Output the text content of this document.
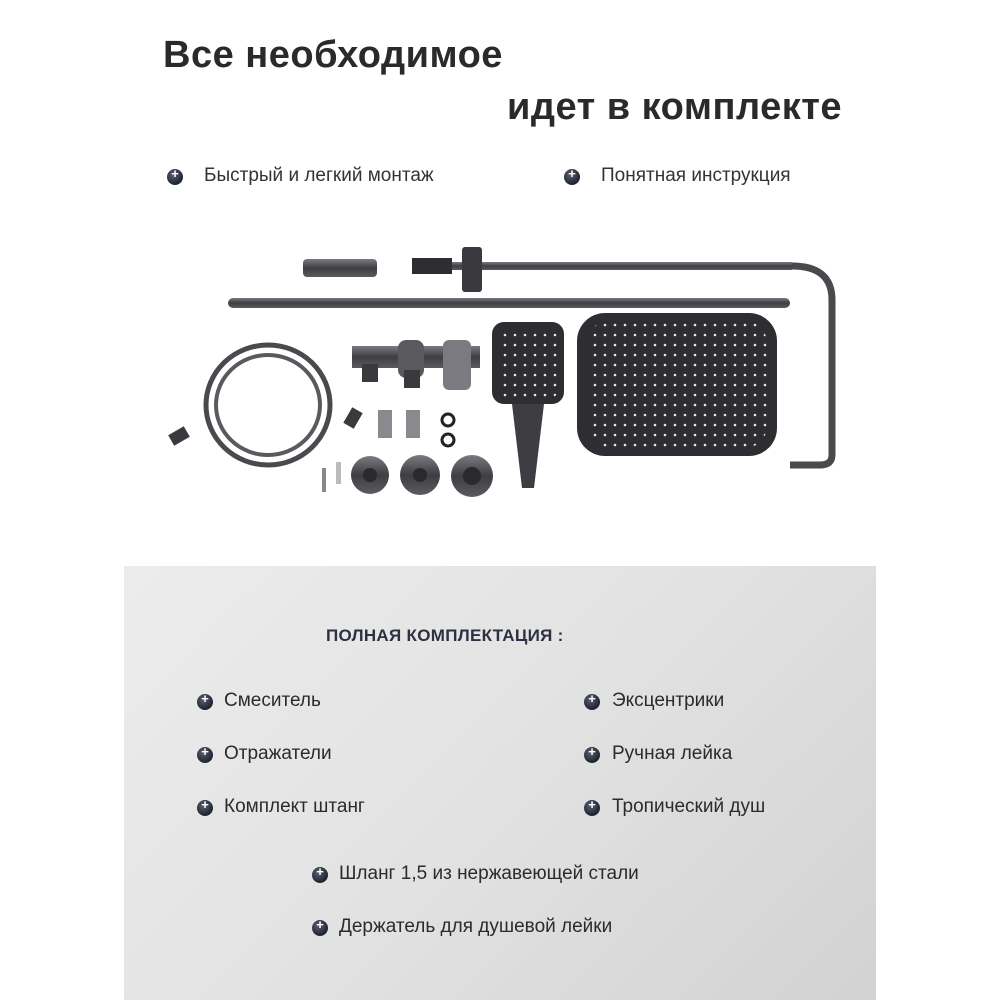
Все необходимое
идет в комплекте
+
Быстрый и легкий монтаж +	Понятная инструкция
ПОЛНАЯ КОМПЛЕКТАЦИЯ :
+
Смеситель +	Эксцентрики
+
Отражатели +	Ручная лейка
+
Комплект штанг +	Тропический душ
+
Шланг 1,5 из нержавеющей стали
+
Держатель для душевой лейки
